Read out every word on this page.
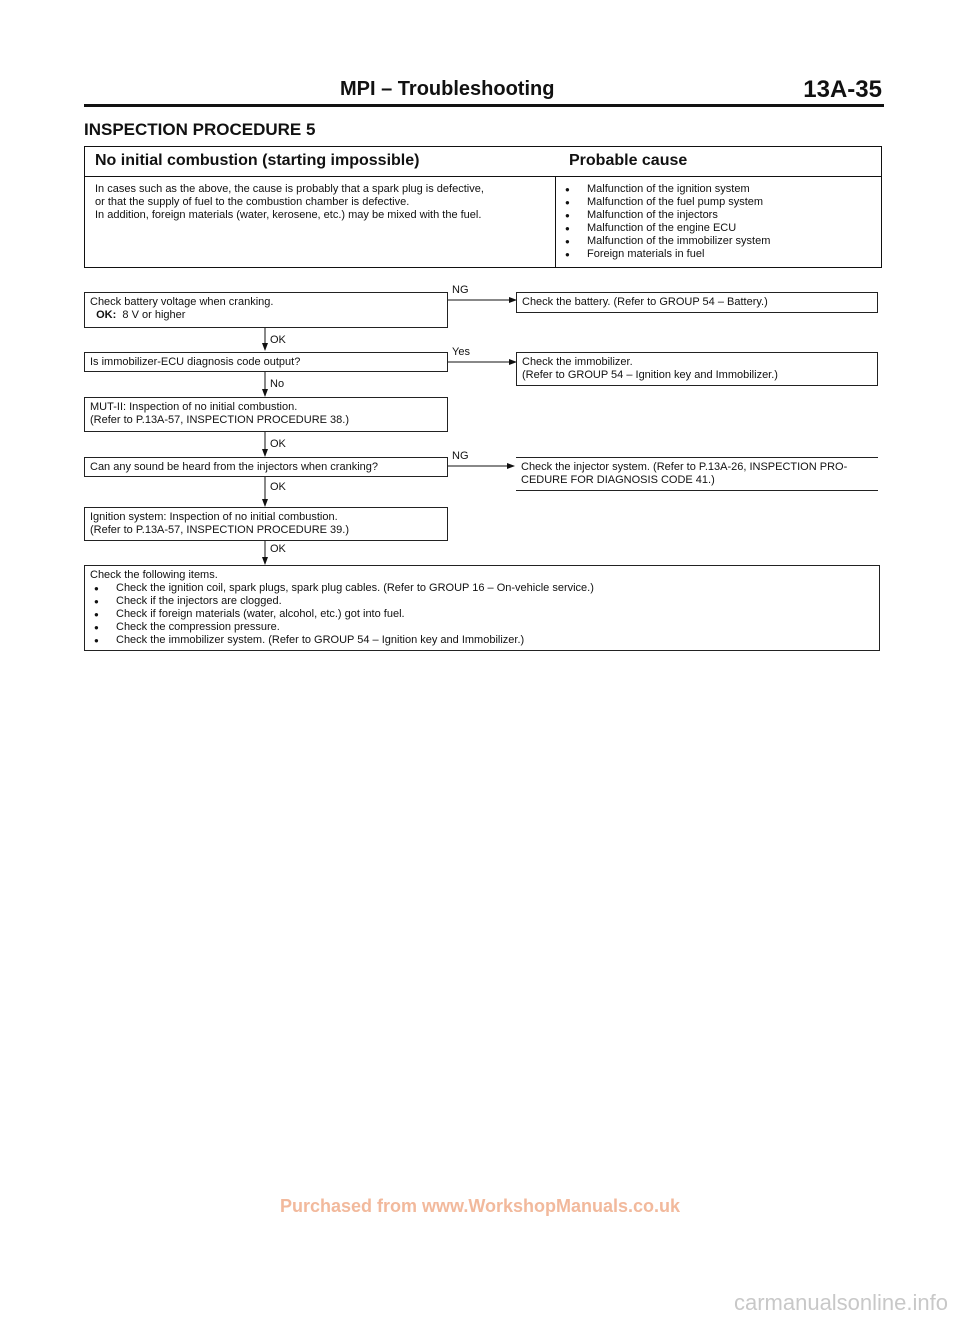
MPI – Troubleshooting	13A-35
INSPECTION PROCEDURE 5
No initial combustion (starting impossible)	Probable cause
In cases such as the above, the cause is probably that a spark plug is defective,
or that the supply of fuel to the combustion chamber is defective.
In addition, foreign materials (water, kerosene, etc.) may be mixed with the fuel.
● Malfunction of the ignition system
● Malfunction of the fuel pump system
● Malfunction of the injectors
● Malfunction of the engine ECU
● Malfunction of the immobilizer system
● Foreign materials in fuel
Check battery voltage when cranking.
OK: 8 V or higher
NG
Check the battery. (Refer to GROUP 54 – Battery.)
OK
Is immobilizer-ECU diagnosis code output?
Yes
Check the immobilizer.
(Refer to GROUP 54 – Ignition key and Immobilizer.)
No
MUT-II: Inspection of no initial combustion.
(Refer to P.13A-57, INSPECTION PROCEDURE 38.)
OK
Can any sound be heard from the injectors when cranking?
NG
Check the injector system. (Refer to P.13A-26, INSPECTION PRO-
CEDURE FOR DIAGNOSIS CODE 41.)
OK
Ignition system: Inspection of no initial combustion.
(Refer to P.13A-57, INSPECTION PROCEDURE 39.)
OK
Check the following items.
● Check the ignition coil, spark plugs, spark plug cables. (Refer to GROUP 16 – On-vehicle service.)
● Check if the injectors are clogged.
● Check if foreign materials (water, alcohol, etc.) got into fuel.
● Check the compression pressure.
● Check the immobilizer system. (Refer to GROUP 54 – Ignition key and Immobilizer.)
Purchased from www.WorkshopManuals.co.uk
carmanualsonline.info
